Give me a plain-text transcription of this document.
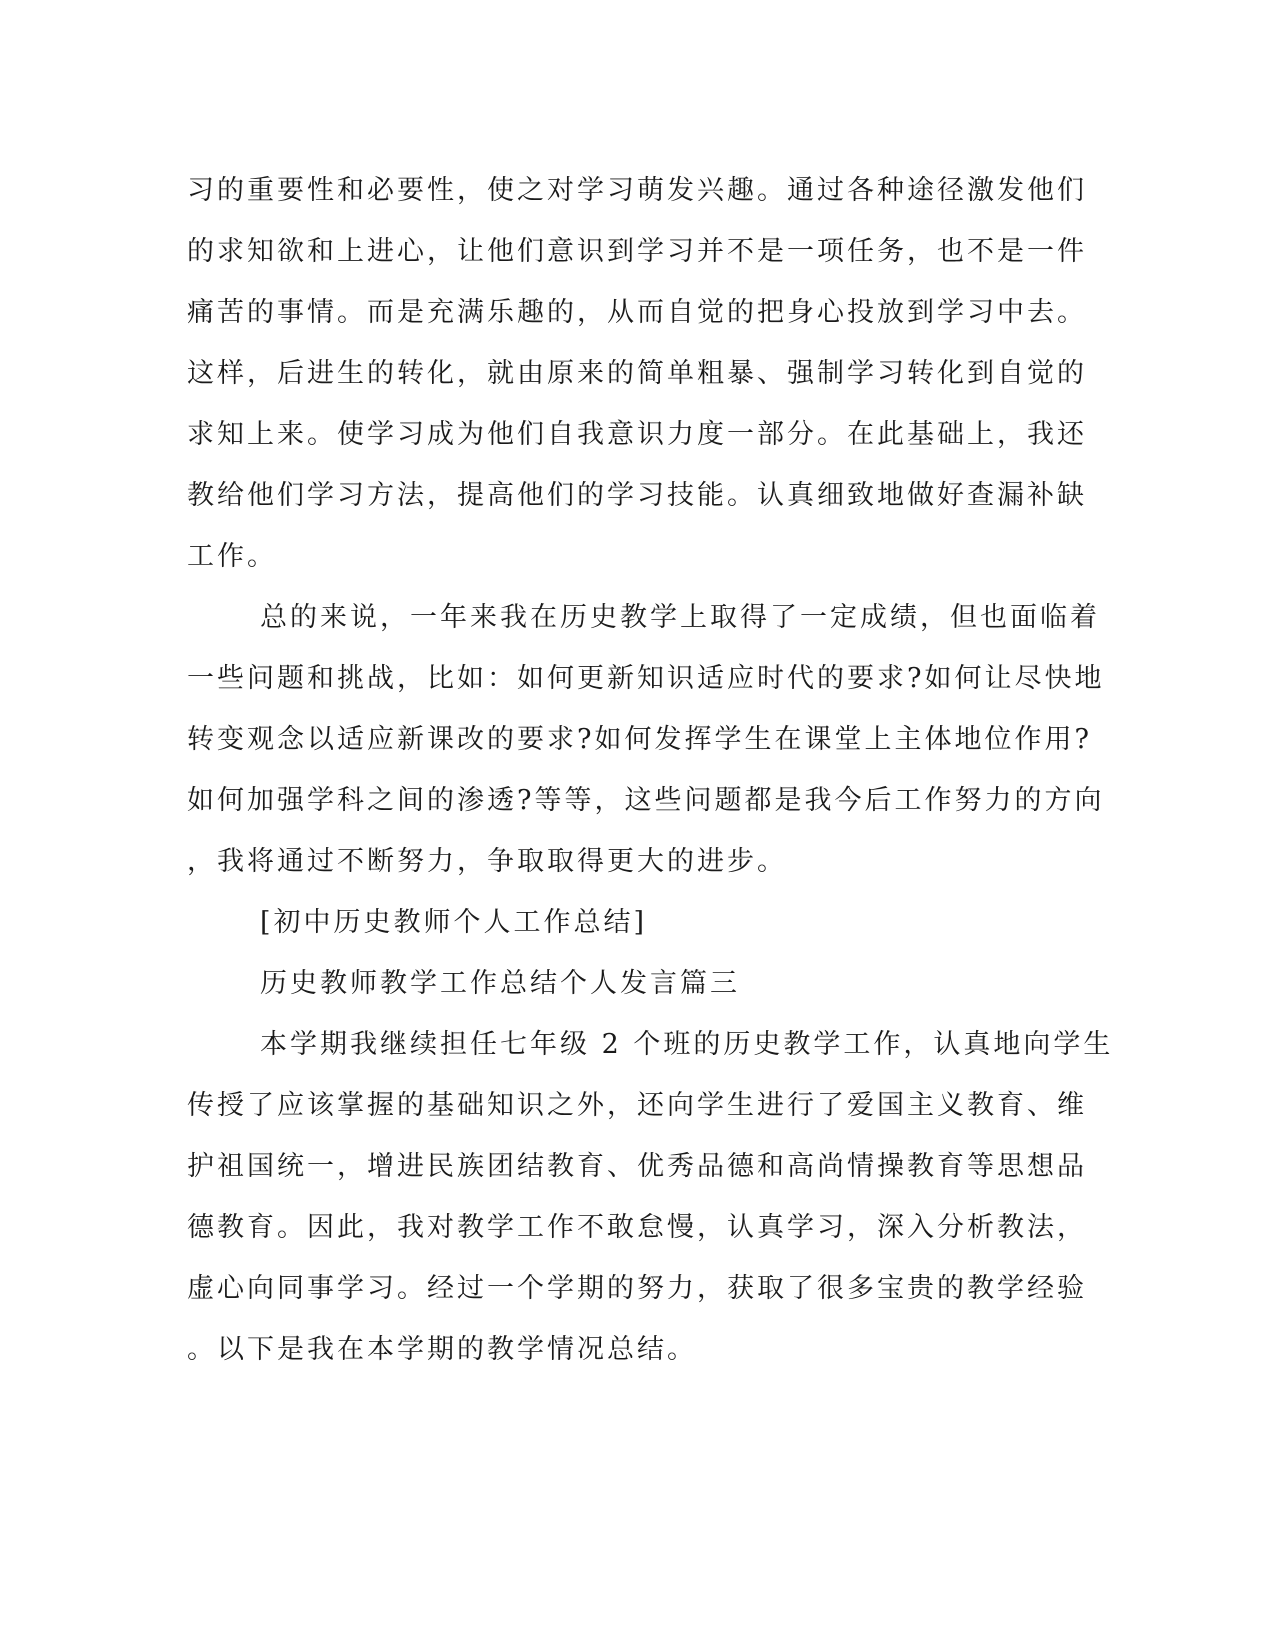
习的重要性和必要性，使之对学习萌发兴趣。通过各种途径激发他们
的求知欲和上进心，让他们意识到学习并不是一项任务，也不是一件
痛苦的事情。而是充满乐趣的，从而自觉的把身心投放到学习中去。
这样，后进生的转化，就由原来的简单粗暴、强制学习转化到自觉的
求知上来。使学习成为他们自我意识力度一部分。在此基础上，我还
教给他们学习方法，提高他们的学习技能。认真细致地做好查漏补缺
工作。
总的来说，一年来我在历史教学上取得了一定成绩，但也面临着
一些问题和挑战，比如：如何更新知识适应时代的要求?如何让尽快地
转变观念以适应新课改的要求?如何发挥学生在课堂上主体地位作用?
如何加强学科之间的渗透?等等，这些问题都是我今后工作努力的方向
，我将通过不断努力，争取取得更大的进步。
[初中历史教师个人工作总结]
历史教师教学工作总结个人发言篇三
本学期我继续担任七年级 2 个班的历史教学工作，认真地向学生
传授了应该掌握的基础知识之外，还向学生进行了爱国主义教育、维
护祖国统一，增进民族团结教育、优秀品德和高尚情操教育等思想品
德教育。因此，我对教学工作不敢怠慢，认真学习，深入分析教法，
虚心向同事学习。经过一个学期的努力，获取了很多宝贵的教学经验
。以下是我在本学期的教学情况总结。
